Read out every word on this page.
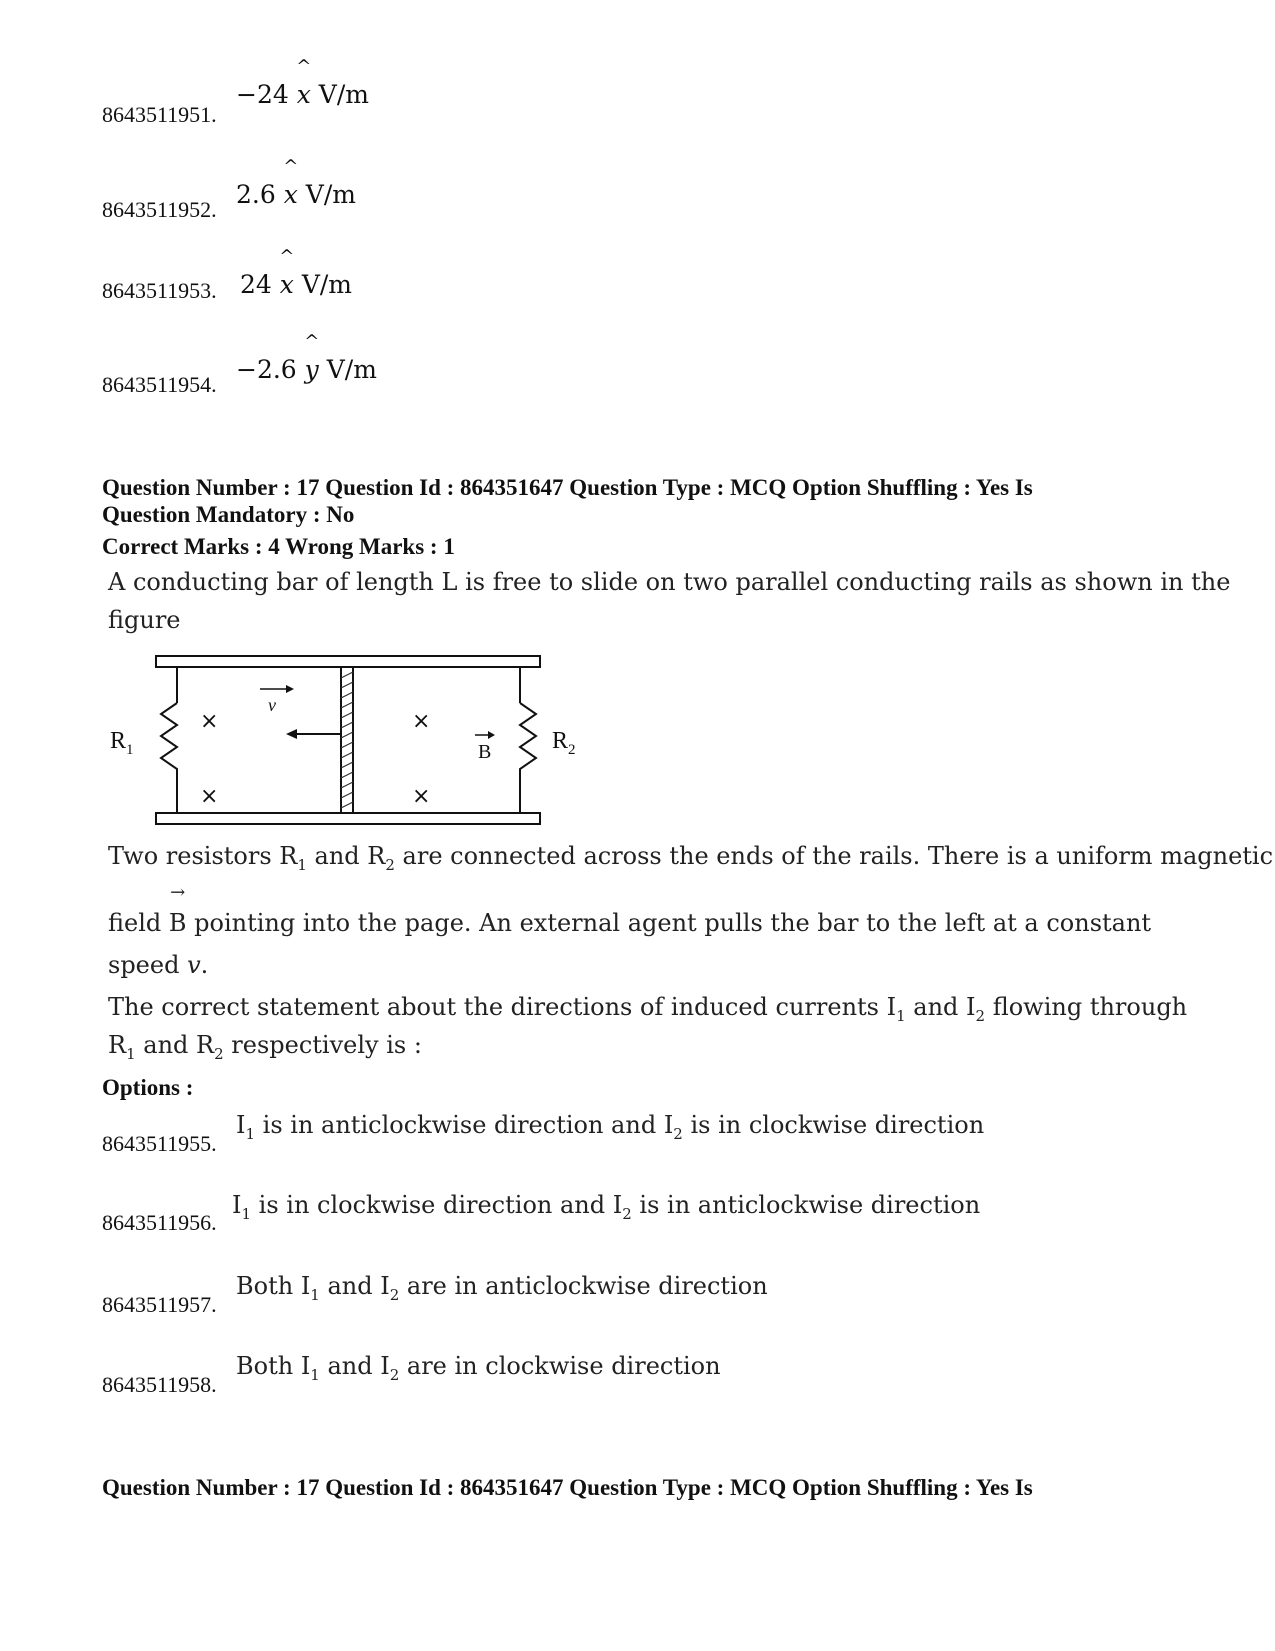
8643511951.
−24 ^ x V/m
8643511952.
2.6 ^ x V/m
8643511953. 24 ^ x V/m
8643511954.
−2.6 ^ y V/m
Question Number : 17 Question Id : 864351647 Question Type : MCQ Option Shuffling : Yes Is
Question Mandatory : No
Correct Marks : 4 Wrong Marks : 1
A conducting bar of length L is free to slide on two parallel conducting rails as shown in the
figure
v
×
×
×
×
B
R 1	R 2
Two resistors $R_1$ and $R_2$ are connected across the ends of the rails. There is a uniform magnetic
field → B pointing into the page. An external agent pulls the bar to the left at a constant
speed v.
The correct statement about the directions of induced currents $I_1$ and $I_2$ flowing through
$R_1$ and $R_2$ respectively is :
Options :
8643511955.
$I_1$ is in anticlockwise direction and $I_2$ is in clockwise direction
8643511956.
$I_1$ is in clockwise direction and $I_2$ is in anticlockwise direction
8643511957.
Both $I_1$ and $I_2$ are in anticlockwise direction
8643511958.
Both $I_1$ and $I_2$ are in clockwise direction
Question Number : 17 Question Id : 864351647 Question Type : MCQ Option Shuffling : Yes Is
